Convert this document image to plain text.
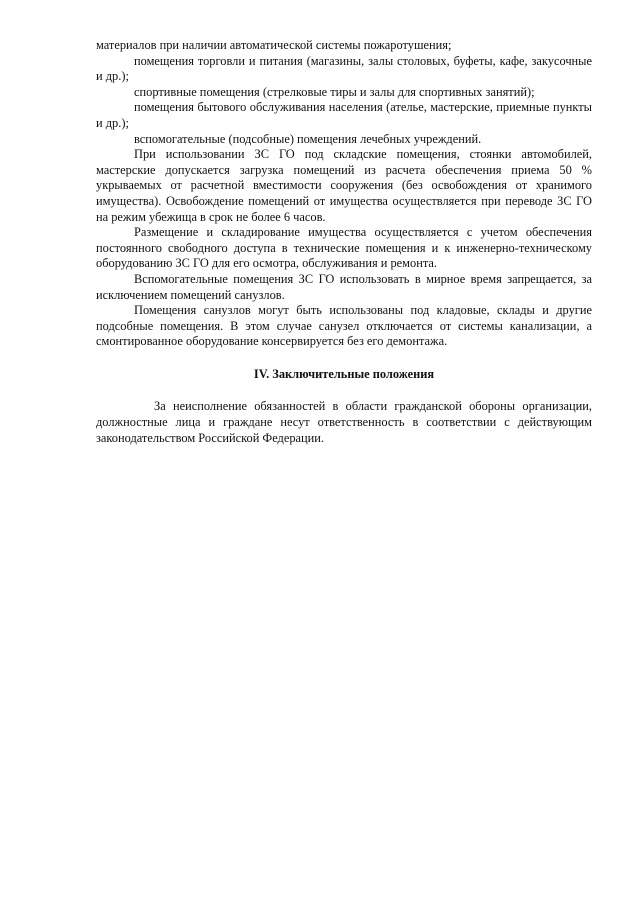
материалов при наличии автоматической системы пожаротушения;

помещения торговли и питания (магазины, залы столовых, буфеты, кафе, закусочные и др.);

спортивные помещения (стрелковые тиры и залы для спортивных занятий);

помещения бытового обслуживания населения (ателье, мастерские, приемные пункты и др.);

вспомогательные (подсобные) помещения лечебных учреждений.

При использовании ЗС ГО под складские помещения, стоянки автомобилей, мастерские допускается загрузка помещений из расчета обеспечения приема 50 % укрываемых от расчетной вместимости сооружения (без освобождения от хранимого имущества). Освобождение помещений от имущества осуществляется при переводе ЗС ГО на режим убежища в срок не более 6 часов.

Размещение и складирование имущества осуществляется с учетом обеспечения постоянного свободного доступа в технические помещения и к инженерно-техническому оборудованию ЗС ГО для его осмотра, обслуживания и ремонта.

Вспомогательные помещения ЗС ГО использовать в мирное время запрещается, за исключением помещений санузлов.

Помещения санузлов могут быть использованы под кладовые, склады и другие подсобные помещения. В этом случае санузел отключается от системы канализации, а смонтированное оборудование консервируется без его демонтажа.

IV. Заключительные положения

За неисполнение обязанностей в области гражданской обороны организации, должностные лица и граждане несут ответственность в соответствии с действующим законодательством Российской Федерации.
